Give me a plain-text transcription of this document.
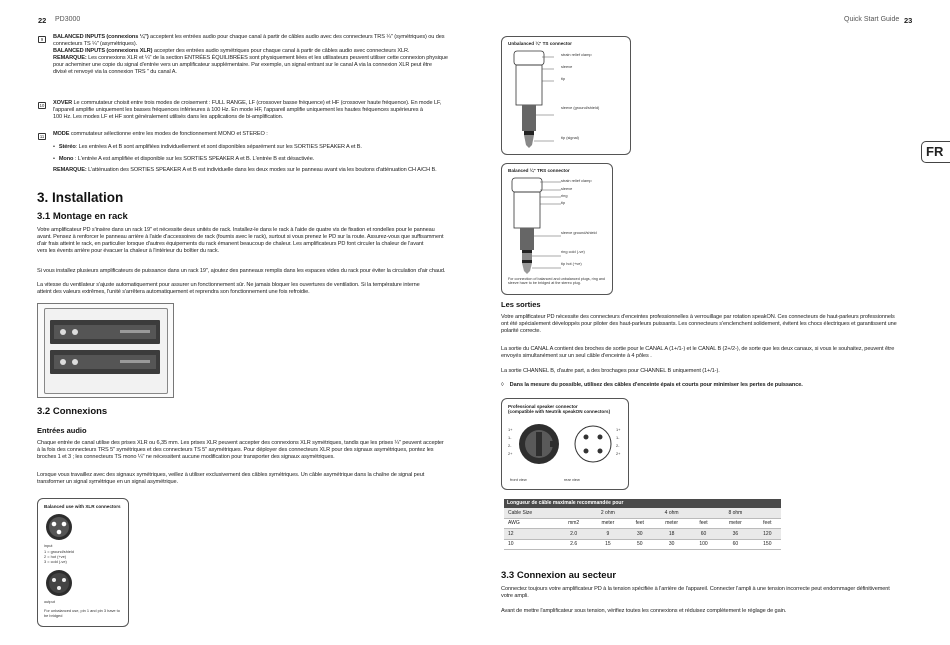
22 PD3000	Quick Start Guide 23
FR
9	BALANCED INPUTS (connexions ¼") acceptent les entrées audio pour chaque canal à partir de câbles audio avec des connecteurs TRS ¼" (symétriques) ou des
connecteurs TS ¼" (asymétriques).
BALANCED INPUTS (connexions XLR) accepter des entrées audio symétriques pour chaque canal à partir de câbles audio avec connecteurs XLR.
REMARQUE: Les connexions XLR et ¼" de la section ENTRÉES ÉQUILIBRÉES sont physiquement liées et les utilisateurs peuvent utiliser cette connexion physique
pour acheminer une copie du signal d'entrée vers un amplificateur supplémentaire. Par exemple, un signal entrant sur le canal A via la connexion XLR peut être
divisé et renvoyé via la connexion TRS " du canal A.
10 XOVER Le commutateur choisit entre trois modes de croisement : FULL RANGE, LF (crossover basse fréquence) et HF (crossover haute fréquence). En mode LF,
l'appareil amplifie uniquement les basses fréquences inférieures à 100 Hz. En mode HF, l'appareil amplifie uniquement les hautes fréquences supérieures à
100 Hz. Les modes LF et HF sont généralement utilisés dans les applications de bi-amplification.
11	MODE commutateur sélectionne entre les modes de fonctionnement MONO et STEREO :
• Stéréo: Les entrées A et B sont amplifiées individuellement et sont disponibles séparément sur les SORTIES SPEAKER A et B.
• Mono : L'entrée A est amplifiée et disponible sur les SORTIES SPEAKER A et B. L'entrée B est désactivée.
REMARQUE: L'atténuation des SORTIES SPEAKER A et B est individuelle dans les deux modes sur le panneau avant via les boutons d'atténuation CH A/CH B.
3. Installation
3.1 Montage en rack
Votre amplificateur PD s'insère dans un rack 19" et nécessite deux unités de rack. Installez-le dans le rack à l'aide de quatre vis de fixation et rondelles pour le panneau
avant. Pensez à renforcer le panneau arrière à l'aide d'accessoires de rack (fournis avec le rack), surtout si vous prenez le PD sur la route. Assurez-vous que suffisamment
d'air frais atteint le rack, en particulier lorsque d'autres équipements du rack émanent beaucoup de chaleur. Les amplificateurs PD font circuler la chaleur de l'avant
vers les évents arrière pour évacuer la chaleur à l'intérieur du boîtier du rack.
Si vous installez plusieurs amplificateurs de puissance dans un rack 19", ajoutez des panneaux remplis dans les espaces vides du rack pour éviter la circulation d'air chaud.
La vitesse du ventilateur s'ajuste automatiquement pour assurer un fonctionnement sûr. Ne jamais bloquer les ouvertures de ventilation. Si la température interne
atteint des valeurs extrêmes, l'unité s'arrêtera automatiquement et reprendra son fonctionnement une fois refroidie.
3.2 Connexions
Entrées audio
Chaque entrée de canal utilise des prises XLR ou 6,35 mm. Les prises XLR peuvent accepter des connexions XLR symétriques, tandis que les prises ¼" peuvent accepter
à la fois des connecteurs TRS 5" symétriques et des connecteurs TS 5" asymétriques. Pour déployer des connecteurs XLR pour des signaux asymétriques, pontez les
broches 1 et 3 ; les connecteurs TS mono ¼" ne nécessitent aucune modification pour transporter des signaux asymétriques.
Lorsque vous travaillez avec des signaux symétriques, veillez à utiliser exclusivement des câbles symétriques. Un câble asymétrique dans la chaîne de signal peut
transformer un signal symétrique en un signal asymétrique.
Balanced use with XLR connectors
input
1 = ground/shield
2 = hot (+ve)
3 = cold (-ve)
output
For unbalanced use, pin 1 and pin 3 have to be bridged
Unbalanced ¼" TS connector
strain relief clamp
sleeve
tip
sleeve (ground/shield)
tip (signal)
Balanced ¼" TRS connector
strain relief clamp
sleeve
ring
tip
sleeve ground/shield
ring cold (-ve)
tip hot (+ve)
For connection of balanced and unbalanced plugs, ring and sleeve have to be bridged at the stereo plug.
Les sorties
Votre amplificateur PD nécessite des connecteurs d'enceintes professionnelles à verrouillage par rotation speakON. Ces connecteurs de haut-parleurs professionnels
ont été spécialement développés pour piloter des haut-parleurs puissants. Les connecteurs s'enclenchent solidement, évitent les chocs électriques et garantissent une
polarité correcte.
La sortie du CANAL A contient des broches de sortie pour le CANAL A (1+/1-) et le CANAL B (2+/2-), de sorte que les deux canaux, si vous le souhaitez, peuvent être
envoyés simultanément sur un seul câble d'enceinte à 4 pôles .
La sortie CHANNEL B, d'autre part, a des brochages pour CHANNEL B uniquement (1+/1-).
◊ Dans la mesure du possible, utilisez des câbles d'enceinte épais et courts pour minimiser les pertes de puissance.
Professional speaker connector
(compatible with Neutrik speakON connectors)
1+
1-
2-
2+
1+
1-
2-
2+
front view	rear view
Longueur de câble maximale recommandée pour
Cable Size		2 ohm		4 ohm		8 ohm	
AWG	mm2	meter	feet	meter	feet	meter	feet
12	2.0	9	30	18	60	36	120
10	2.6	15	50	30	100	60	150
3.3 Connexion au secteur
Connectez toujours votre amplificateur PD à la tension spécifiée à l'arrière de l'appareil. Connecter l'ampli à une tension incorrecte peut endommager définitivement
votre ampli.
Avant de mettre l'amplificateur sous tension, vérifiez toutes les connexions et réduisez complètement le réglage de gain.
